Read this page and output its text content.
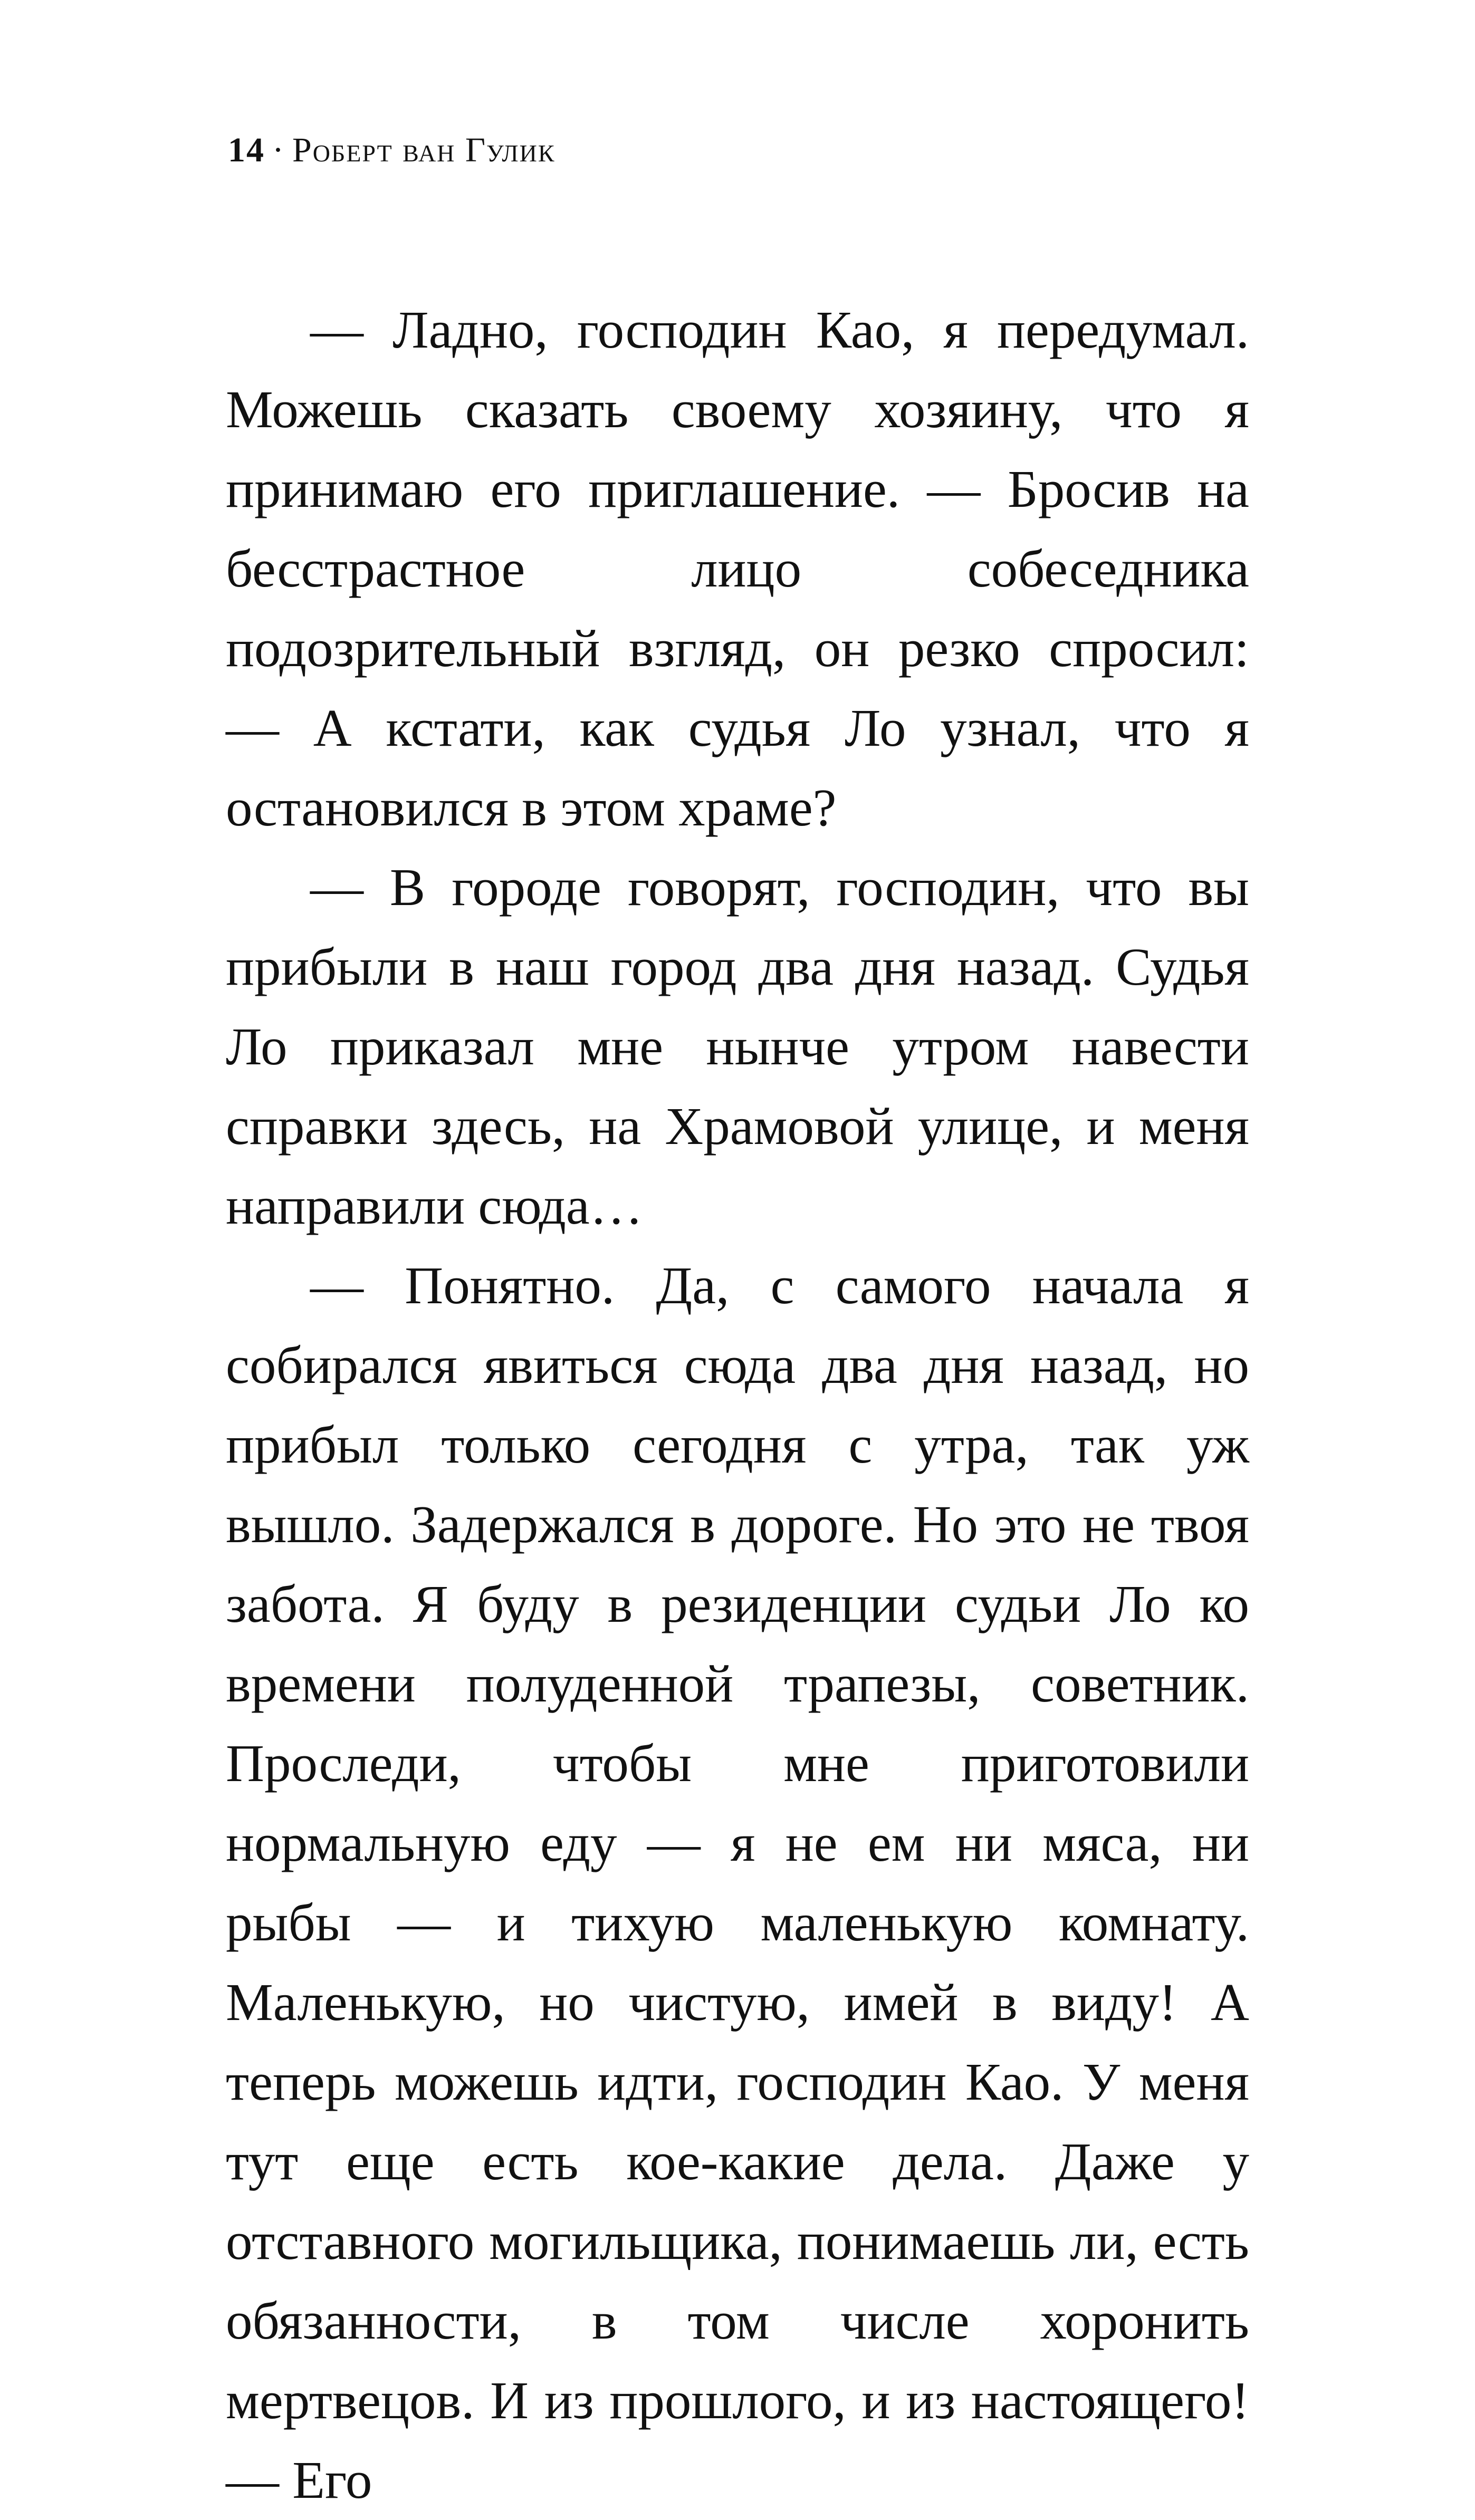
14 · Роберт ван Гулик

— Ладно, господин Као, я передумал. Можешь сказать своему хозяину, что я принимаю его приглашение. — Бросив на бесстрастное лицо собеседника подозрительный взгляд, он резко спросил: — А кстати, как судья Ло узнал, что я остановился в этом храме?

— В городе говорят, господин, что вы прибыли в наш город два дня назад. Судья Ло приказал мне нынче утром навести справки здесь, на Храмовой улице, и меня направили сюда…

— Понятно. Да, с самого начала я собирался явиться сюда два дня назад, но прибыл только сегодня с утра, так уж вышло. Задержался в дороге. Но это не твоя забота. Я буду в резиденции судьи Ло ко времени полуденной трапезы, советник. Проследи, чтобы мне приготовили нормальную еду — я не ем ни мяса, ни рыбы — и тихую маленькую комнату. Маленькую, но чистую, имей в виду! А теперь можешь идти, господин Као. У меня тут еще есть кое-какие дела. Даже у отставного могильщика, понимаешь ли, есть обязанности, в том числе хоронить мертвецов. И из прошлого, и из настоящего! — Его
